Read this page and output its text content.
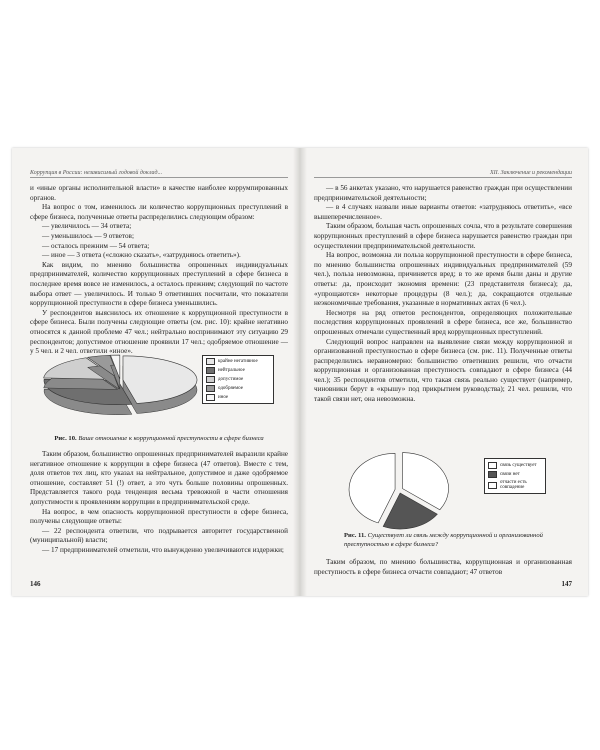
Коррупция в России: независимый годовой доклад...

и «иные органы исполнительной власти» в качестве наиболее коррумпированных органов.

На вопрос о том, изменилось ли количество коррупционных преступлений в сфере бизнеса, полученные ответы распределились следующим образом:

— увеличилось — 34 ответа;

— уменьшилось — 9 ответов;

— осталось прежним — 54 ответа;

— иное — 3 ответа («сложно сказать», «затрудняюсь ответить»).

Как видим, по мнению большинства опрошенных индивидуальных предпринимателей, количество коррупционных преступлений в сфере бизнеса в последнее время вовсе не изменилось, а осталось прежним; следующий по частоте выбора ответ — увеличилось. И только 9 ответивших посчитали, что показатели коррупционной преступности в сфере бизнеса уменьшились.

У респондентов выяснилось их отношение к коррупционной преступности в сфере бизнеса. Были получены следующие ответы (см. рис. 10): крайне негативно относятся к данной проблеме 47 чел.; нейтрально воспринимают эту ситуацию 29 респондентов; допустимое отношение проявили 17 чел.; одобряемое отношение — у 5 чел. и 2 чел. ответили «иное».

крайне негативное
нейтральное
допустимое
одобряемое
иное
Рис. 10. Ваше отношение к коррупционной преступности в сфере бизнеса

Таким образом, большинство опрошенных предпринимателей выразили крайне негативное отношение к коррупции в сфере бизнеса (47 ответов). Вместе с тем, доля ответов тех лиц, кто указал на нейтральное, допустимое и даже одобряемое отношение, составляет 51 (!) ответ, а это чуть больше половины опрошенных. Представляется такого рода тенденция весьма тревожной в части отношения допустимости к проявлениям коррупции в предпринимательской среде.

На вопрос, в чем опасность коррупционной преступности в сфере бизнеса, получены следующие ответы:

— 22 респондента ответили, что подрывается авторитет государственной (муниципальной) власти;

— 17 предпринимателей отметили, что вынужденно увеличиваются издержки;

146
XII. Заключение и рекомендации

— в 56 анкетах указано, что нарушается равенство граждан при осуществлении предпринимательской деятельности;

— в 4 случаях назвали иные варианты ответов: «затрудняюсь ответить», «все вышеперечисленное».

Таким образом, большая часть опрошенных сочла, что в результате совершения коррупционных преступлений в сфере бизнеса нарушается равенство граждан при осуществлении предпринимательской деятельности.

На вопрос, возможна ли польза коррупционной преступности в сфере бизнеса, по мнению большинства опрошенных индивидуальных предпринимателей (59 чел.), польза невозможна, причиняется вред; в то же время были даны и другие ответы: да, происходит экономия времени: (23 представителя бизнеса); да, «упрощаются» некоторые процедуры (8 чел.); да, сокращаются отдельные неэкономичные требования, указанные в нормативных актах (6 чел.).

Несмотря на ряд ответов респондентов, определяющих положительные последствия коррупционных проявлений в сфере бизнеса, все же, большинство опрошенных отмечали существенный вред коррупционных преступлений.

Следующий вопрос направлен на выявление связи между коррупционной и организованной преступностью в сфере бизнеса (см. рис. 11). Полученные ответы распределились неравномерно: большинство ответивших решили, что отчасти коррупционная и организованная преступность совпадают в сфере бизнеса (44 чел.); 35 респондентов отметили, что такая связь реально существует (например, чиновники берут в «крышу» под прикрытием руководства); 21 чел. решили, что такой связи нет, она невозможна.

связь существует
связи нет
отчасти есть совпадение
Рис. 11. Существует ли связь между коррупционной и организованной преступностью в сфере бизнеса?

Таким образом, по мнению большинства, коррупционная и организованная преступность в сфере бизнеса отчасти совпадают; 47 ответов

147
